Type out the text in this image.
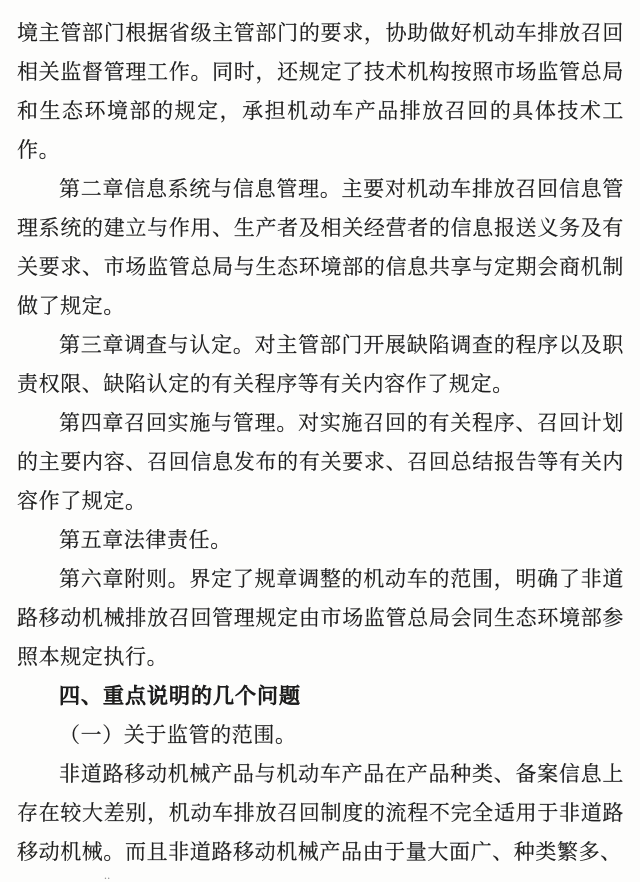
境主管部门根据省级主管部门的要求，协助做好机动车排放召回相关监督管理工作。同时，还规定了技术机构按照市场监管总局和生态环境部的规定，承担机动车产品排放召回的具体技术工作。

第二章信息系统与信息管理。主要对机动车排放召回信息管理系统的建立与作用、生产者及相关经营者的信息报送义务及有关要求、市场监管总局与生态环境部的信息共享与定期会商机制做了规定。

第三章调查与认定。对主管部门开展缺陷调查的程序以及职责权限、缺陷认定的有关程序等有关内容作了规定。

第四章召回实施与管理。对实施召回的有关程序、召回计划的主要内容、召回信息发布的有关要求、召回总结报告等有关内容作了规定。

第五章法律责任。

第六章附则。界定了规章调整的机动车的范围，明确了非道路移动机械排放召回管理规定由市场监管总局会同生态环境部参照本规定执行。

四、重点说明的几个问题

（一）关于监管的范围。

非道路移动机械产品与机动车产品在产品种类、备案信息上存在较大差别，机动车排放召回制度的流程不完全适用于非道路移动机械。而且非道路移动机械产品由于量大面广、种类繁多、

ᐧᐧ
